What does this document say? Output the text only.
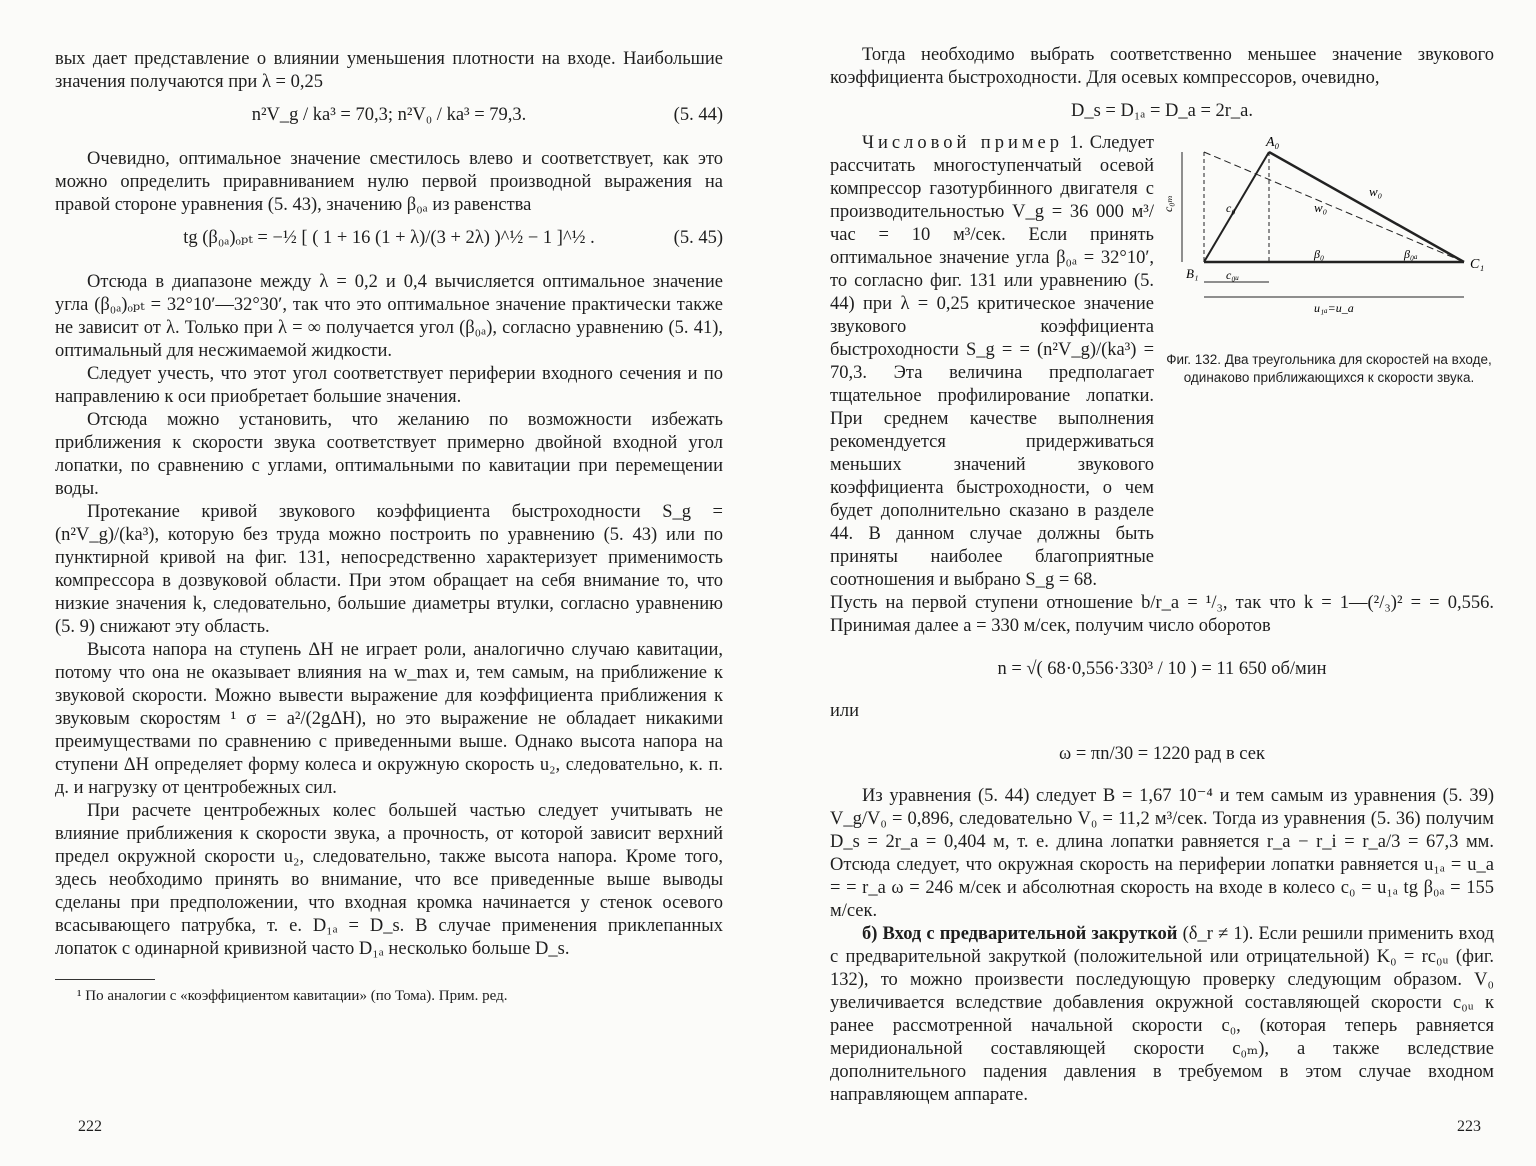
вых дает представление о влиянии уменьшения плотности на входе. Наибольшие значения получаются при λ = 0,25

n²V_g / ka³ = 70,3; n²V₀ / ka³ = 79,3.	(5. 44)

Очевидно, оптимальное значение сместилось влево и соответствует, как это можно определить приравниванием нулю первой производной выражения на правой стороне уравнения (5. 43), значению β₀ₐ из равенства

tg (β₀ₐ)ₒₚₜ = −½ [ ( 1 + 16 (1 + λ)/(3 + 2λ) )^½ − 1 ]^½ .	(5. 45)

Отсюда в диапазоне между λ = 0,2 и 0,4 вычисляется оптимальное значение угла (β₀ₐ)ₒₚₜ = 32°10′—32°30′, так что это оптимальное значение практически также не зависит от λ. Только при λ = ∞ получается угол (β₀ₐ), согласно уравнению (5. 41), оптимальный для несжимаемой жидкости.

Следует учесть, что этот угол соответствует периферии входного сечения и по направлению к оси приобретает большие значения.

Отсюда можно установить, что желанию по возможности избежать приближения к скорости звука соответствует примерно двойной входной угол лопатки, по сравнению с углами, оптимальными по кавитации при перемещении воды.

Протекание кривой звукового коэффициента быстроходности S_g = (n²V_g)/(ka³), которую без труда можно построить по уравнению (5. 43) или по пунктирной кривой на фиг. 131, непосредственно характеризует применимость компрессора в дозвуковой области. При этом обращает на себя внимание то, что низкие значения k, следовательно, большие диаметры втулки, согласно уравнению (5. 9) снижают эту область.

Высота напора на ступень ΔH не играет роли, аналогично случаю кавитации, потому что она не оказывает влияния на w_max и, тем самым, на приближение к звуковой скорости. Можно вывести выражение для коэффициента приближения к звуковым скоростям ¹ σ = a²/(2gΔH), но это выражение не обладает никакими преимуществами по сравнению с приведенными выше. Однако высота напора на ступени ΔH определяет форму колеса и окружную скорость u₂, следовательно, к. п. д. и нагрузку от центробежных сил.

При расчете центробежных колес большей частью следует учитывать не влияние приближения к скорости звука, а прочность, от которой зависит верхний предел окружной скорости u₂, следовательно, также высота напора. Кроме того, здесь необходимо принять во внимание, что все приведенные выше выводы сделаны при предположении, что входная кромка начинается у стенок осевого всасывающего патрубка, т. е. D₁ₐ = D_s. В случае применения приклепанных лопаток с одинарной кривизной часто D₁ₐ несколько больше D_s.

¹ По аналогии с «коэффициентом кавитации» (по Тома). Прим. ред.

222

Тогда необходимо выбрать соответственно меньшее значение звукового коэффициента быстроходности. Для осевых компрессоров, очевидно,

D_s = D₁ₐ = D_a = 2r_a.

Числовой пример 1. Следует рассчитать многоступенчатый осевой компрессор газотурбинного двигателя с производительностью V_g = 36 000 м³/час = 10 м³/сек. Если принять оптимальное значение угла β₀ₐ = 32°10′, то согласно фиг. 131 или уравнению (5. 44) при λ = 0,25 критическое значение звукового коэффициента быстроходности S_g = = (n²V_g)/(ka³) = 70,3. Эта величина предполагает тщательное профилирование лопатки. При среднем качестве выполнения рекомендуется придерживаться меньших значений звукового коэффициента быстроходности, о чем будет дополнительно сказано в разделе 44. В данном случае должны быть приняты наиболее благоприятные соотношения и выбрано S_g = 68.

A₀
B₁
C₁
w₀
w₀
c₀
c₀ₘ
c₀ᵤ
β₀	β₀ₐ
u₁ₐ=u_a
Фиг. 132. Два треугольника для скоростей на входе, одинаково приближающихся к скорости звука.

Пусть на первой ступени отношение b/r_a = ¹/₃, так что k = 1—(²/₃)² = = 0,556. Принимая далее a = 330 м/сек, получим число оборотов

n = √( 68·0,556·330³ / 10 ) = 11 650 об/мин

или

ω = πn/30 = 1220 рад в сек

Из уравнения (5. 44) следует B = 1,67 10⁻⁴ и тем самым из уравнения (5. 39) V_g/V₀ = 0,896, следовательно V₀ = 11,2 м³/сек. Тогда из уравнения (5. 36) получим D_s = 2r_a = 0,404 м, т. е. длина лопатки равняется r_a − r_i = r_a/3 = 67,3 мм. Отсюда следует, что окружная скорость на периферии лопатки равняется u₁ₐ = u_a = = r_a ω = 246 м/сек и абсолютная скорость на входе в колесо c₀ = u₁ₐ tg β₀ₐ = 155 м/сек.

б) Вход с предварительной закруткой (δ_r ≠ 1). Если решили применить вход с предварительной закруткой (положительной или отрицательной) K₀ = rc₀ᵤ (фиг. 132), то можно произвести последующую проверку следующим образом. V₀ увеличивается вследствие добавления окружной составляющей скорости c₀ᵤ к ранее рассмотренной начальной скорости c₀, (которая теперь равняется меридиональной составляющей скорости c₀ₘ), а также вследствие дополнительного падения давления в требуемом в этом случае входном направляющем аппарате.

223
